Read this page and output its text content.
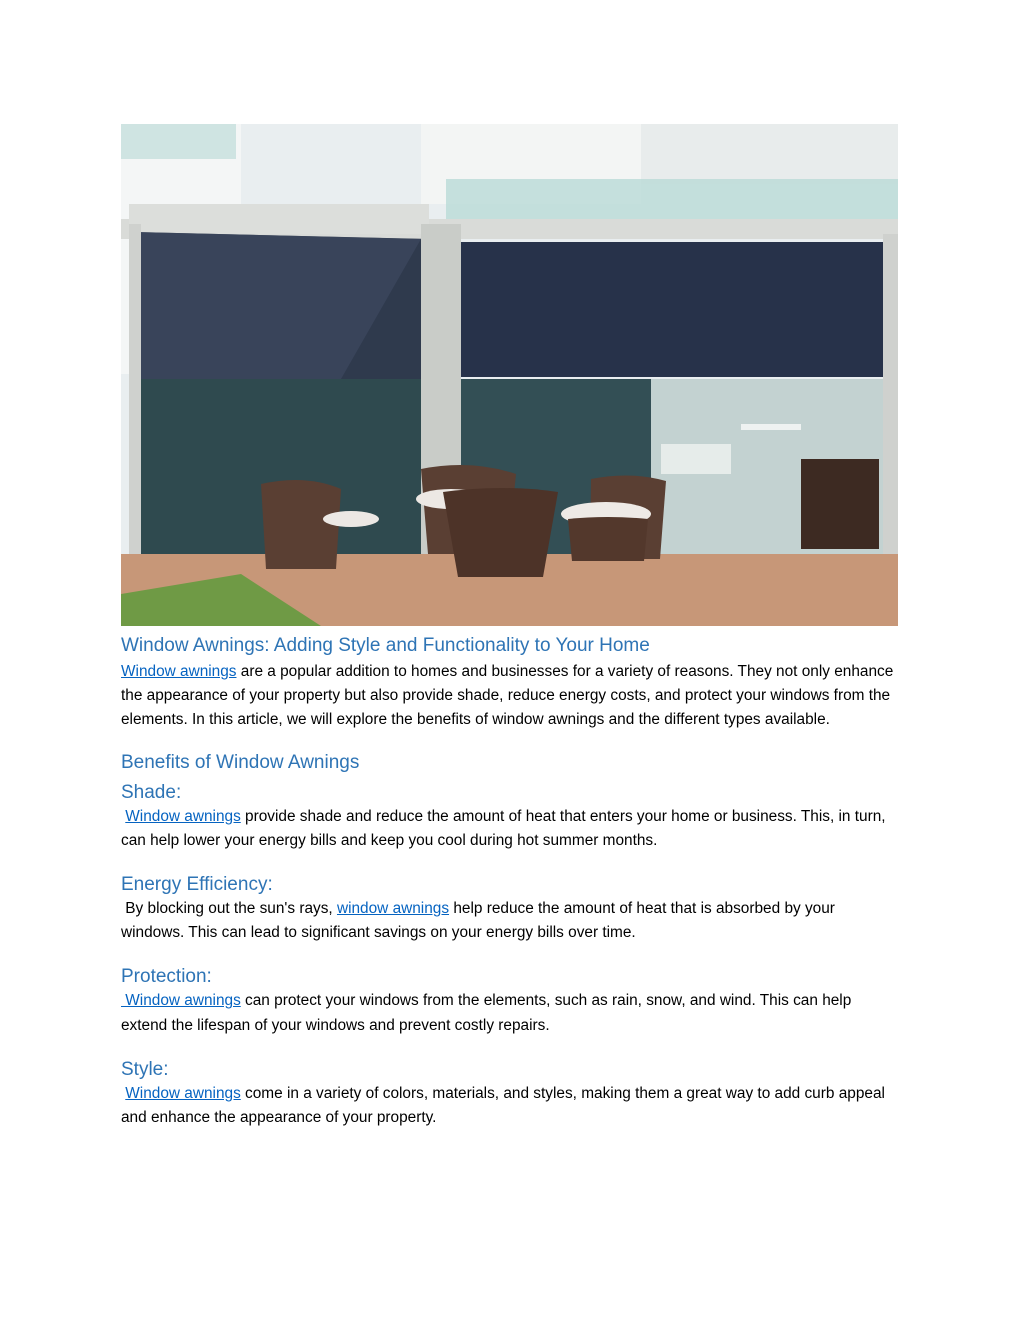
Window Awnings: Adding Style and Functionality to Your Home

Window awnings are a popular addition to homes and businesses for a variety of reasons. They not only enhance the appearance of your property but also provide shade, reduce energy costs, and protect your windows from the elements. In this article, we will explore the benefits of window awnings and the different types available.

Benefits of Window Awnings
Shade:

Window awnings provide shade and reduce the amount of heat that enters your home or business. This, in turn, can help lower your energy bills and keep you cool during hot summer months.

Energy Efficiency:

By blocking out the sun's rays, window awnings help reduce the amount of heat that is absorbed by your windows. This can lead to significant savings on your energy bills over time.

Protection:

Window awnings can protect your windows from the elements, such as rain, snow, and wind. This can help extend the lifespan of your windows and prevent costly repairs.

Style:

Window awnings come in a variety of colors, materials, and styles, making them a great way to add curb appeal and enhance the appearance of your property.
